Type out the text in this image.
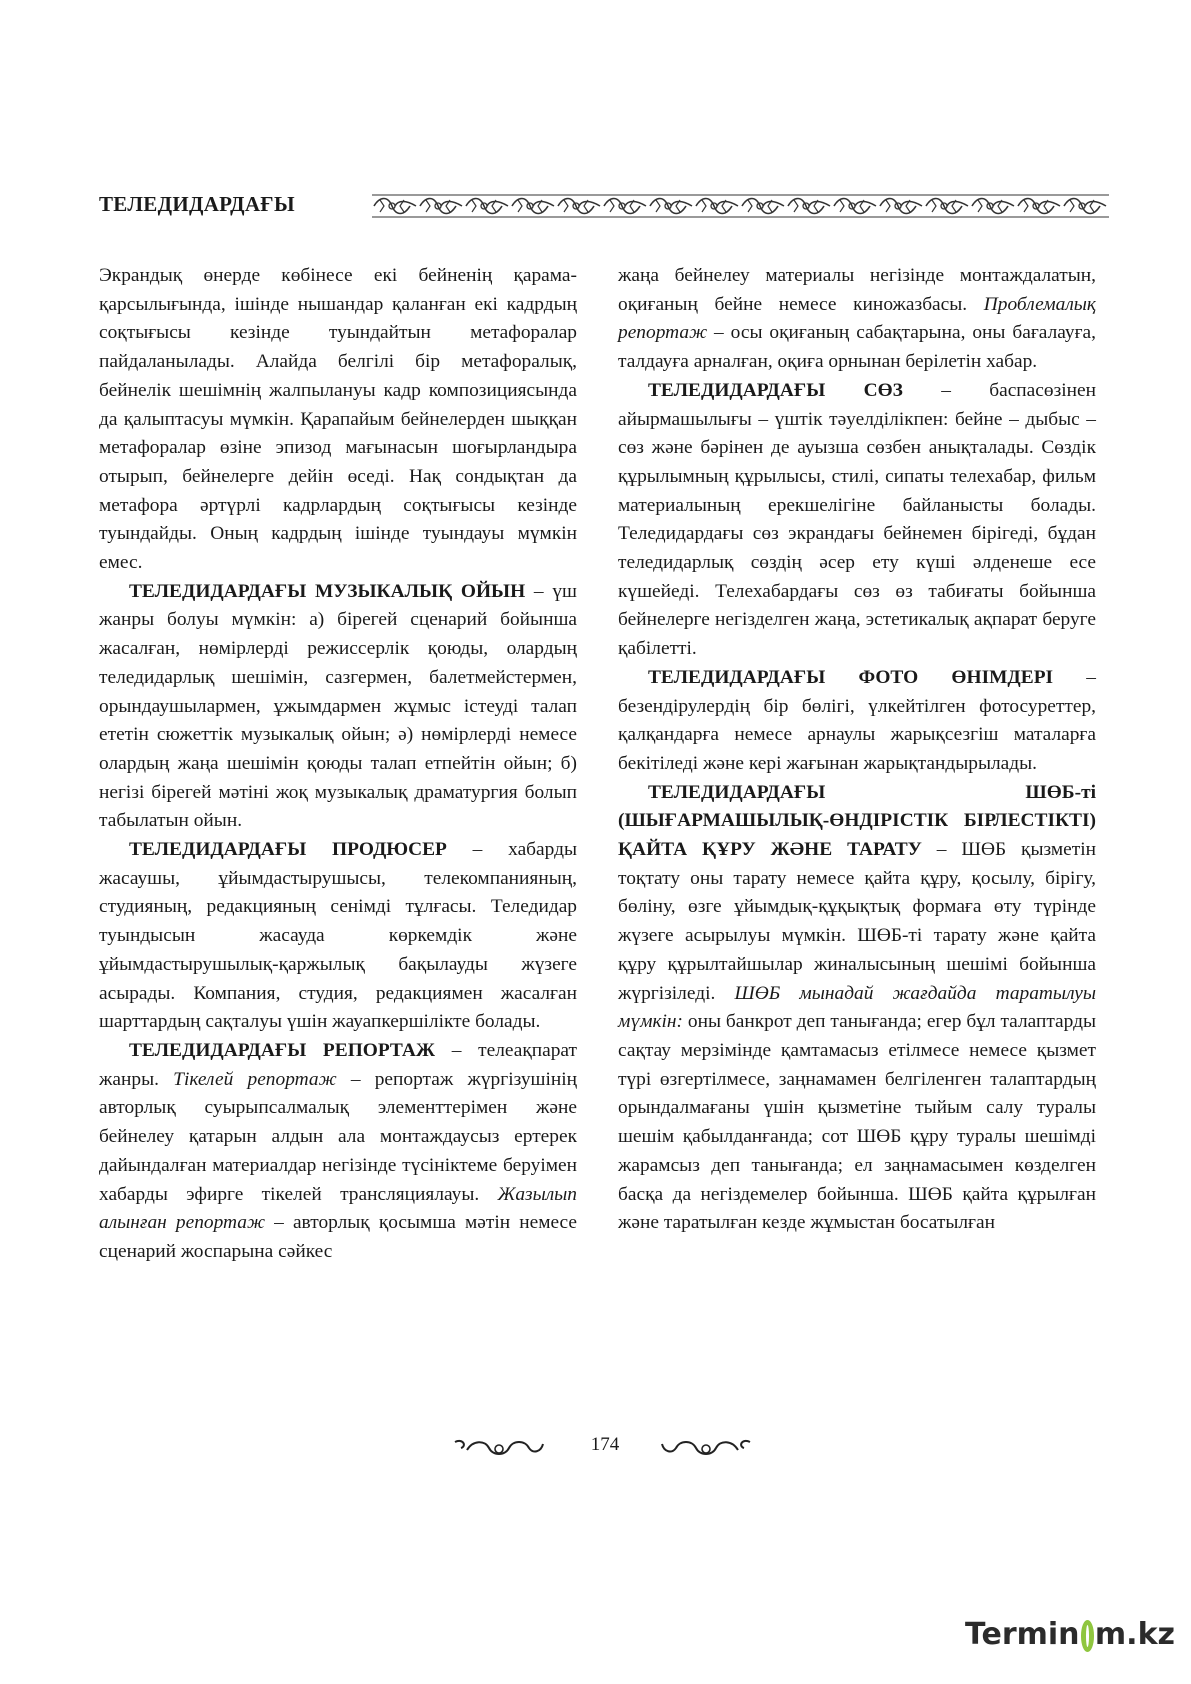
ТЕЛЕДИДАРДАҒЫ

Экрандық өнерде көбінесе екі бейненің қарама-қарсылығында, ішінде нышандар қаланған екі кадрдың соқтығысы кезінде туындайтын метафоралар пайдаланылады. Алайда белгілі бір метафоралық, бейнелік шешімнің жалпылануы кадр композициясында да қалыптасуы мүмкін. Қарапайым бейнелерден шыққан метафоралар өзіне эпизод мағынасын шоғырландыра отырып, бейнелерге дейін өседі. Нақ сондықтан да метафора әртүрлі кадрлардың соқтығысы кезінде туындайды. Оның кадрдың ішінде туындауы мүмкін емес.

ТЕЛЕДИДАРДАҒЫ МУЗЫКАЛЫҚ ОЙЫН – үш жанры болуы мүмкін: а) бірегей сценарий бойынша жасалған, нөмірлерді режиссерлік қоюды, олардың теледидарлық шешімін, сазгермен, балетмейстермен, орындаушылармен, ұжымдармен жұмыс істеуді талап ететін сюжеттік музыкалық ойын; ә) нөмірлерді немесе олардың жаңа шешімін қоюды талап етпейтін ойын; б) негізі бірегей мәтіні жоқ музыкалық драматургия болып табылатын ойын.

ТЕЛЕДИДАРДАҒЫ ПРОДЮСЕР – хабарды жасаушы, ұйымдастырушысы, телекомпанияның, студияның, редакцияның сенімді тұлғасы. Теледидар туындысын жасауда көркемдік және ұйымдастырушылық-қаржылық бақылауды жүзеге асырады. Компания, студия, редакциямен жасалған шарттардың сақталуы үшін жауапкершілікте болады.

ТЕЛЕДИДАРДАҒЫ РЕПОРТАЖ – телеақпарат жанры. Тікелей репортаж – репортаж жүргізушінің авторлық суырыпсалмалық элементтерімен және бейнелеу қатарын алдын ала монтаждаусыз ертерек дайындалған материалдар негізінде түсініктеме беруімен хабарды эфирге тікелей трансляциялауы. Жазылып алынған репортаж – авторлық қосымша мәтін немесе сценарий жоспарына сәйкес

жаңа бейнелеу материалы негізінде монтаждалатын, оқиғаның бейне немесе киножазбасы. Проблемалық репортаж – осы оқиғаның сабақтарына, оны бағалауға, талдауға арналған, оқиға орнынан берілетін хабар.

ТЕЛЕДИДАРДАҒЫ СӨЗ – баспасөзінен айырмашылығы – үштік тәуелділікпен: бейне – дыбыс – сөз және бәрінен де ауызша сөзбен анықталады. Сөздік құрылымның құрылысы, стилі, сипаты телехабар, фильм материалының ерекшелігіне байланысты болады. Теледидардағы сөз экрандағы бейнемен бірігеді, бұдан теледидарлық сөздің әсер ету күші әлденеше есе күшейеді. Телехабардағы сөз өз табиғаты бойынша бейнелерге негізделген жаңа, эстетикалық ақпарат беруге қабілетті.

ТЕЛЕДИДАРДАҒЫ ФОТО ӨНІМДЕРІ – безендірулердің бір бөлігі, үлкейтілген фотосуреттер, қалқандарға немесе арнаулы жарықсезгіш маталарға бекітіледі және кері жағынан жарықтандырылады.

ТЕЛЕДИДАРДАҒЫ ШӨБ-ті (ШЫҒАРМАШЫЛЫҚ-ӨНДІРІСТІК БІРЛЕСТІКТІ) ҚАЙТА ҚҰРУ ЖӘНЕ ТАРАТУ – ШӨБ қызметін тоқтату оны тарату немесе қайта құру, қосылу, бірігу, бөліну, өзге ұйымдық-құқықтық формаға өту түрінде жүзеге асырылуы мүмкін. ШӨБ-ті тарату және қайта құру құрылтайшылар жиналысының шешімі бойынша жүргізіледі. ШӨБ мынадай жағдайда таратылуы мүмкін: оны банкрот деп танығанда; егер бұл талаптарды сақтау мерзімінде қамтамасыз етілмесе немесе қызмет түрі өзгертілмесе, заңнамамен белгіленген талаптардың орындалмағаны үшін қызметіне тыйым салу туралы шешім қабылданғанда; сот ШӨБ құру туралы шешімді жарамсыз деп танығанда; ел заңнамасымен көзделген басқа да негіздемелер бойынша. ШӨБ қайта құрылған және таратылған кезде жұмыстан босатылған

174
Termin m.kz
